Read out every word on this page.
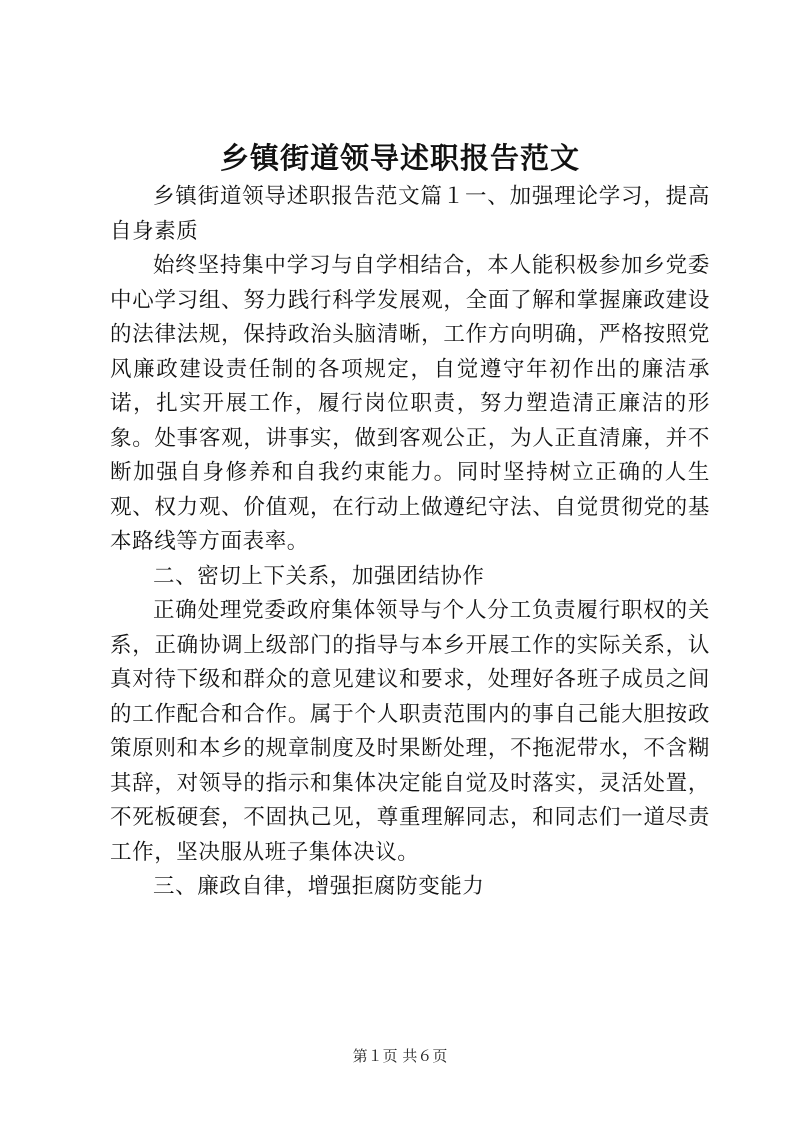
乡镇街道领导述职报告范文

乡镇街道领导述职报告范文篇１一、加强理论学习，提高自身素质

始终坚持集中学习与自学相结合，本人能积极参加乡党委中心学习组、努力践行科学发展观，全面了解和掌握廉政建设的法律法规，保持政治头脑清晰，工作方向明确，严格按照党风廉政建设责任制的各项规定，自觉遵守年初作出的廉洁承诺，扎实开展工作，履行岗位职责，努力塑造清正廉洁的形象。处事客观，讲事实，做到客观公正，为人正直清廉，并不断加强自身修养和自我约束能力。同时坚持树立正确的人生观、权力观、价值观，在行动上做遵纪守法、自觉贯彻党的基本路线等方面表率。

二、密切上下关系，加强团结协作

正确处理党委政府集体领导与个人分工负责履行职权的关系，正确协调上级部门的指导与本乡开展工作的实际关系，认真对待下级和群众的意见建议和要求，处理好各班子成员之间的工作配合和合作。属于个人职责范围内的事自己能大胆按政策原则和本乡的规章制度及时果断处理，不拖泥带水，不含糊其辞，对领导的指示和集体决定能自觉及时落实，灵活处置，不死板硬套，不固执己见，尊重理解同志，和同志们一道尽责工作，坚决服从班子集体决议。

三、廉政自律，增强拒腐防变能力

第１页 共６页
